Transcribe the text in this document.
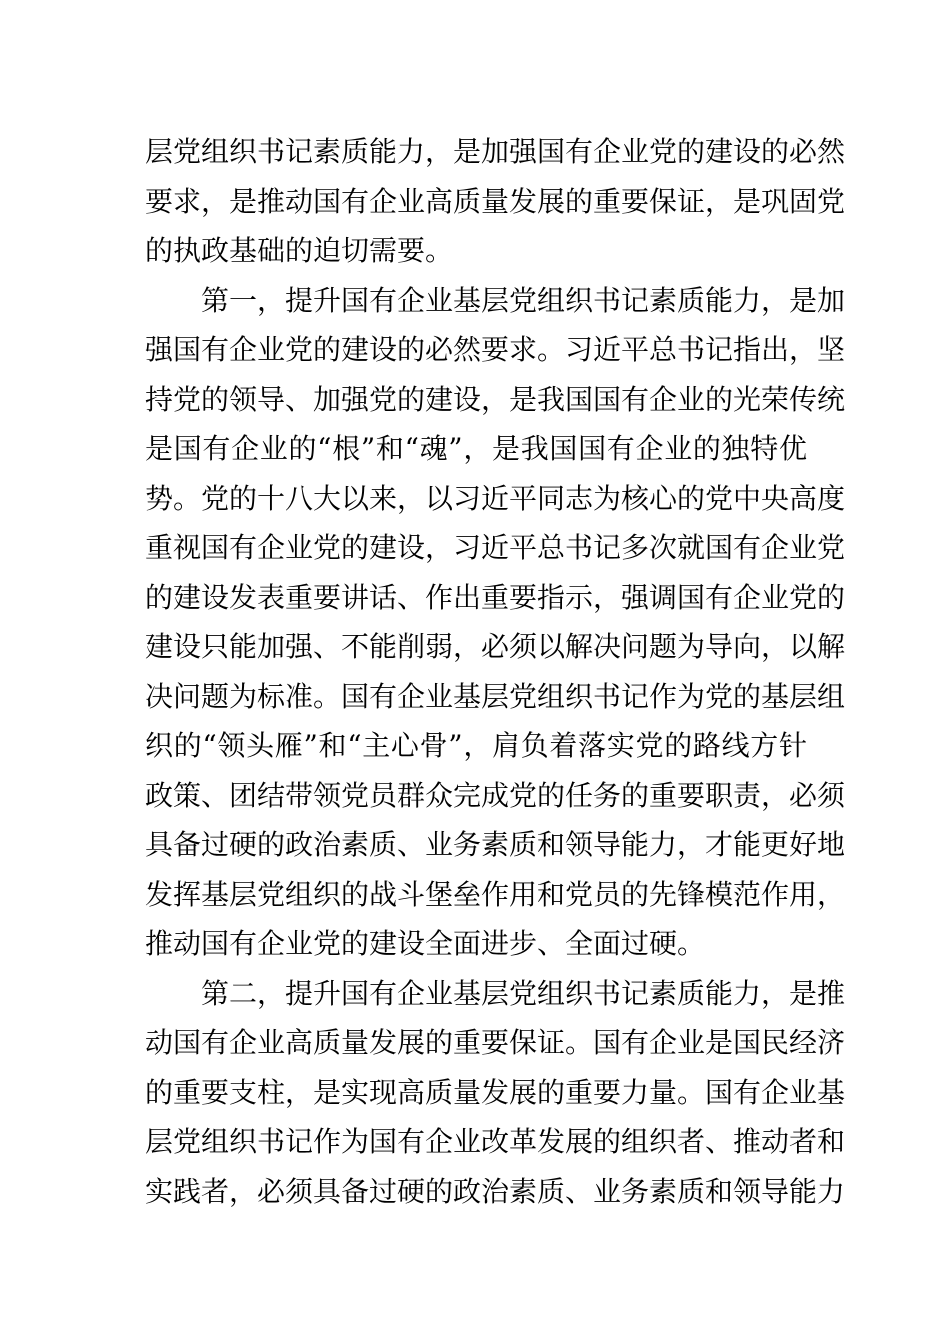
层党组织书记素质能力，是加强国有企业党的建设的必然
要求，是推动国有企业高质量发展的重要保证，是巩固党
的执政基础的迫切需要。
第一，提升国有企业基层党组织书记素质能力，是加
强国有企业党的建设的必然要求。习近平总书记指出，坚
持党的领导、加强党的建设，是我国国有企业的光荣传统
是国有企业的“根”和“魂”，是我国国有企业的独特优
势。党的十八大以来，以习近平同志为核心的党中央高度
重视国有企业党的建设，习近平总书记多次就国有企业党
的建设发表重要讲话、作出重要指示，强调国有企业党的
建设只能加强、不能削弱，必须以解决问题为导向，以解
决问题为标准。国有企业基层党组织书记作为党的基层组
织的“领头雁”和“主心骨”，肩负着落实党的路线方针
政策、团结带领党员群众完成党的任务的重要职责，必须
具备过硬的政治素质、业务素质和领导能力，才能更好地
发挥基层党组织的战斗堡垒作用和党员的先锋模范作用，
推动国有企业党的建设全面进步、全面过硬。
第二，提升国有企业基层党组织书记素质能力，是推
动国有企业高质量发展的重要保证。国有企业是国民经济
的重要支柱，是实现高质量发展的重要力量。国有企业基
层党组织书记作为国有企业改革发展的组织者、推动者和
实践者，必须具备过硬的政治素质、业务素质和领导能力
